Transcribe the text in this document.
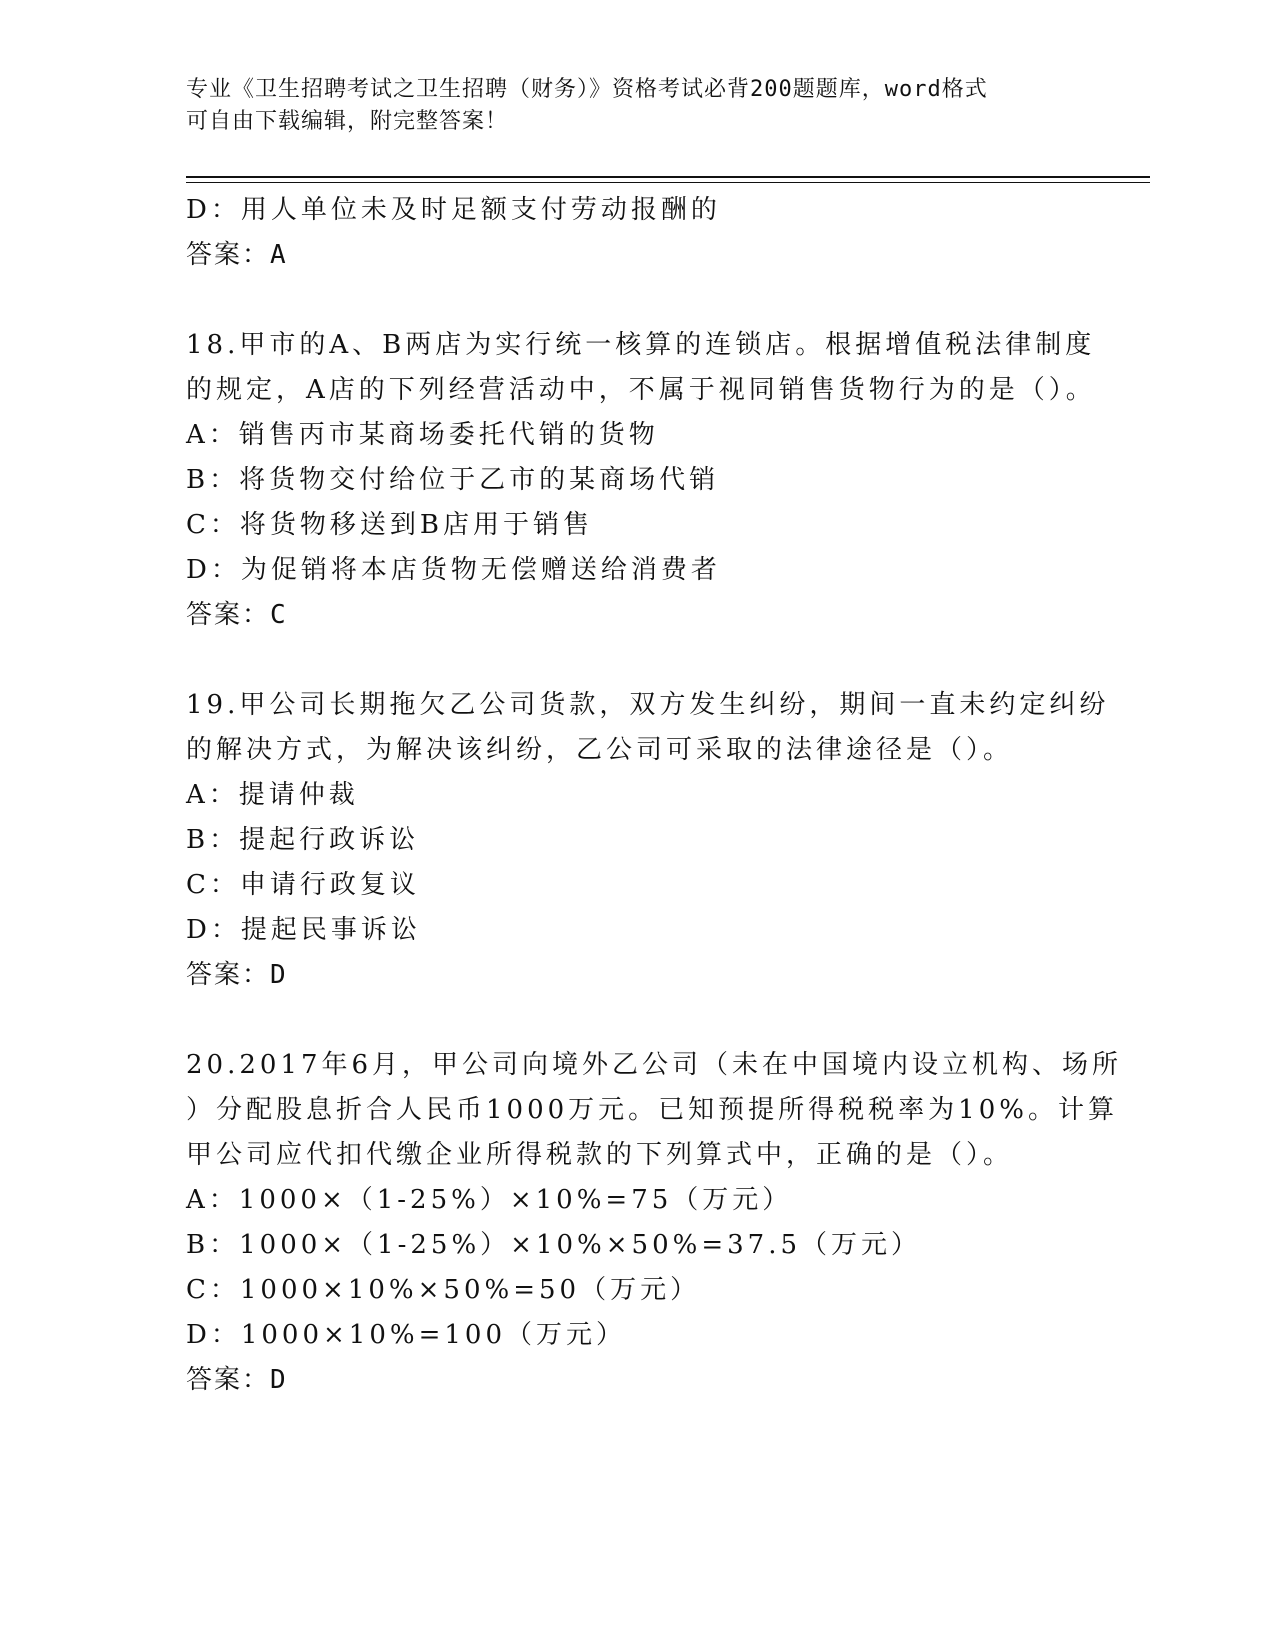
专业《卫生招聘考试之卫生招聘（财务）》资格考试必背200题题库，word格式
可自由下载编辑，附完整答案！
D：用人单位未及时足额支付劳动报酬的
答案：A
18.甲市的A、B两店为实行统一核算的连锁店。根据增值税法律制度
的规定，A店的下列经营活动中，不属于视同销售货物行为的是（）。
A：销售丙市某商场委托代销的货物
B：将货物交付给位于乙市的某商场代销
C：将货物移送到B店用于销售
D：为促销将本店货物无偿赠送给消费者
答案：C
19.甲公司长期拖欠乙公司货款，双方发生纠纷，期间一直未约定纠纷
的解决方式，为解决该纠纷，乙公司可采取的法律途径是（）。
A：提请仲裁
B：提起行政诉讼
C：申请行政复议
D：提起民事诉讼
答案：D
20.2017年6月，甲公司向境外乙公司（未在中国境内设立机构、场所
）分配股息折合人民币1000万元。已知预提所得税税率为10%。计算
甲公司应代扣代缴企业所得税款的下列算式中，正确的是（）。
A：1000×（1-25%）×10%=75（万元）
B：1000×（1-25%）×10%×50%=37.5（万元）
C：1000×10%×50%=50（万元）
D：1000×10%=100（万元）
答案：D
